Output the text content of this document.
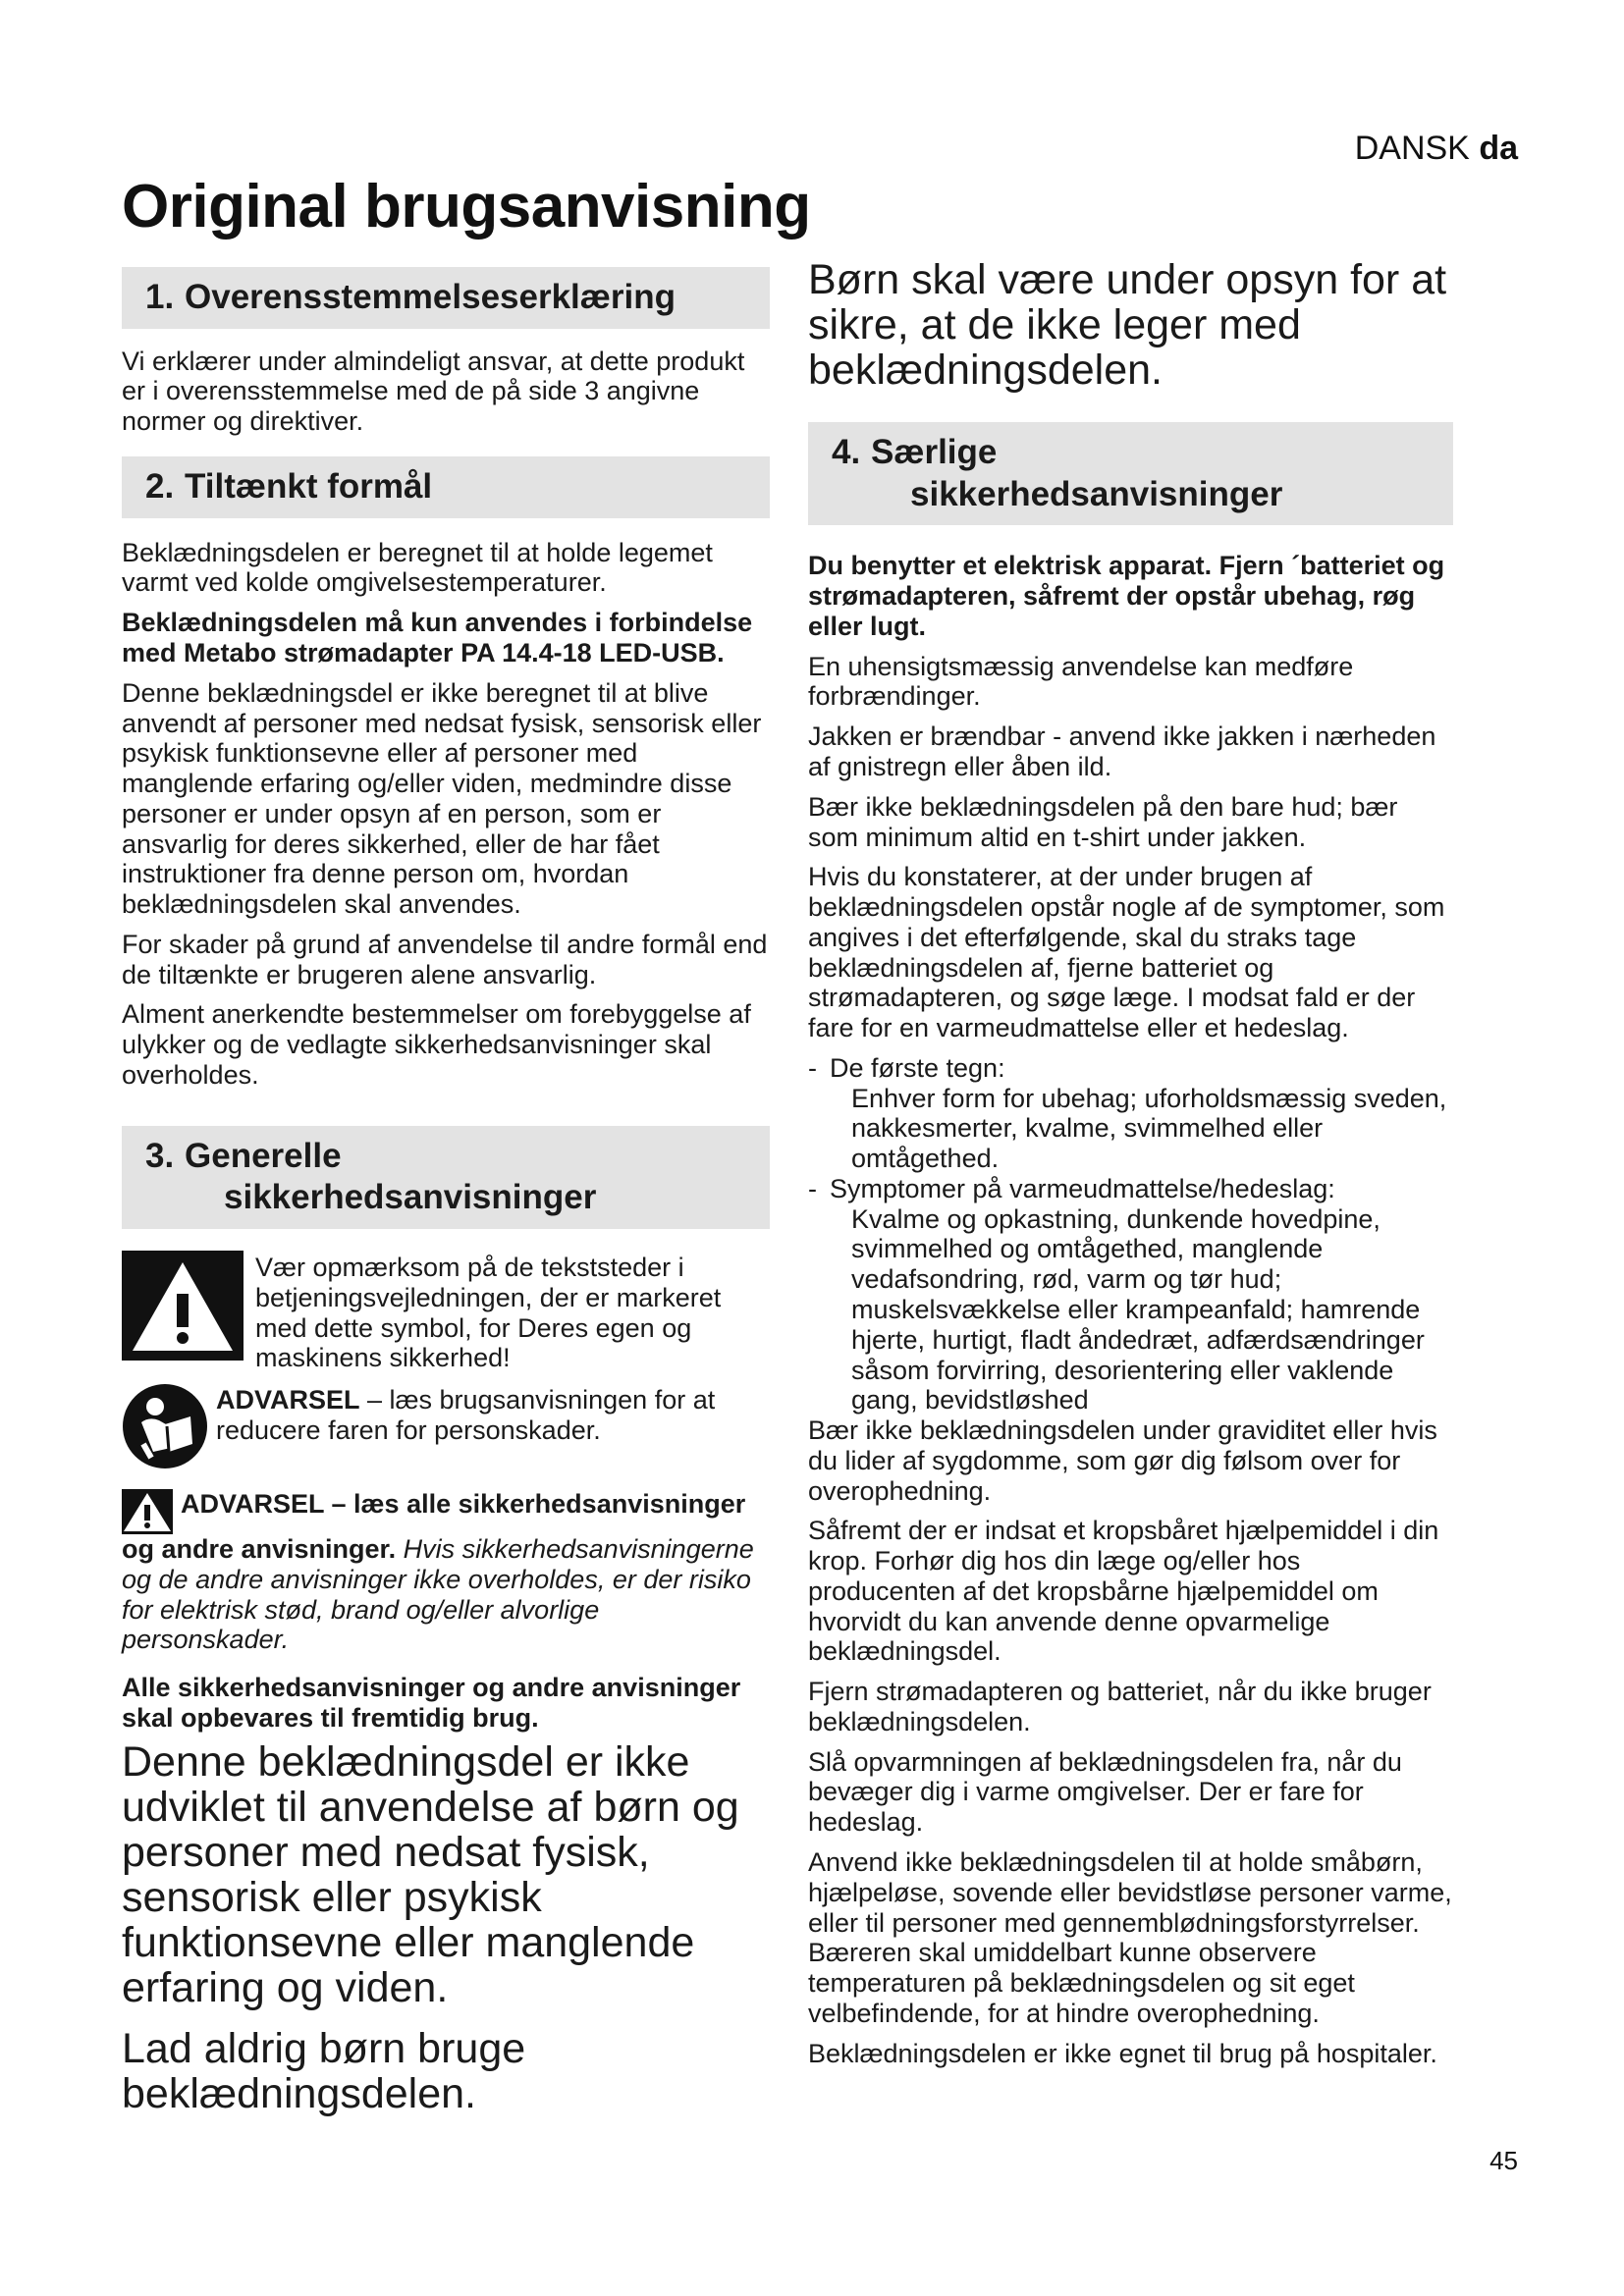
DANSK da
Original brugsanvisning
1. Overensstemmelseserklæring

Vi erklærer under almindeligt ansvar, at dette produkt er i overensstemmelse med de på side 3 angivne normer og direktiver.

2. Tiltænkt formål

Beklædningsdelen er beregnet til at holde legemet varmt ved kolde omgivelsestemperaturer.

Beklædningsdelen må kun anvendes i forbindelse med Metabo strømadapter PA 14.4-18 LED-USB.

Denne beklædningsdel er ikke beregnet til at blive anvendt af personer med nedsat fysisk, sensorisk eller psykisk funktionsevne eller af personer med manglende erfaring og/eller viden, medmindre disse personer er under opsyn af en person, som er ansvarlig for deres sikkerhed, eller de har fået instruktioner fra denne person om, hvordan beklædningsdelen skal anvendes.

For skader på grund af anvendelse til andre formål end de tiltænkte er brugeren alene ansvarlig.

Alment anerkendte bestemmelser om forebyggelse af ulykker og de vedlagte sikkerhedsanvisninger skal overholdes.

3. Generelle
sikkerhedsanvisninger

Vær opmærksom på de tekststeder i betjeningsvejledningen, der er markeret med dette symbol, for Deres egen og maskinens sikkerhed!

ADVARSEL – læs brugsanvisningen for at reducere faren for personskader.

ADVARSEL – læs alle sikkerhedsanvisninger og andre anvisninger. Hvis sikkerhedsanvisningerne og de andre anvisninger ikke overholdes, er der risiko for elektrisk stød, brand og/eller alvorlige personskader.

Alle sikkerhedsanvisninger og andre anvisninger skal opbevares til fremtidig brug.

Denne beklædningsdel er ikke udviklet til anvendelse af børn og personer med nedsat fysisk, sensorisk eller psykisk funktionsevne eller manglende erfaring og viden.

Lad aldrig børn bruge beklædningsdelen.

Børn skal være under opsyn for at sikre, at de ikke leger med beklædningsdelen.

4. Særlige
sikkerhedsanvisninger

Du benytter et elektrisk apparat. Fjern ´batteriet og strømadapteren, såfremt der opstår ubehag, røg eller lugt.

En uhensigtsmæssig anvendelse kan medføre forbrændinger.

Jakken er brændbar - anvend ikke jakken i nærheden af gnistregn eller åben ild.

Bær ikke beklædningsdelen på den bare hud; bær som minimum altid en t-shirt under jakken.

Hvis du konstaterer, at der under brugen af beklædningsdelen opstår nogle af de symptomer, som angives i det efterfølgende, skal du straks tage beklædningsdelen af, fjerne batteriet og strømadapteren, og søge læge. I modsat fald er der fare for en varmeudmattelse eller et hedeslag.

- De første tegn:
Enhver form for ubehag; uforholdsmæssig sveden, nakkesmerter, kvalme, svimmelhed eller omtågethed.
- Symptomer på varmeudmattelse/hedeslag:
Kvalme og opkastning, dunkende hovedpine, svimmelhed og omtågethed, manglende vedafsondring, rød, varm og tør hud; muskelsvækkelse eller krampeanfald; hamrende hjerte, hurtigt, fladt åndedræt, adfærdsændringer såsom forvirring, desorientering eller vaklende gang, bevidstløshed

Bær ikke beklædningsdelen under graviditet eller hvis du lider af sygdomme, som gør dig følsom over for overophedning.

Såfremt der er indsat et kropsbåret hjælpemiddel i din krop. Forhør dig hos din læge og/eller hos producenten af det kropsbårne hjælpemiddel om hvorvidt du kan anvende denne opvarmelige beklædningsdel.

Fjern strømadapteren og batteriet, når du ikke bruger beklædningsdelen.

Slå opvarmningen af beklædningsdelen fra, når du bevæger dig i varme omgivelser. Der er fare for hedeslag.

Anvend ikke beklædningsdelen til at holde småbørn, hjælpeløse, sovende eller bevidstløse personer varme, eller til personer med gennemblødningsforstyrrelser. Bæreren skal umiddelbart kunne observere temperaturen på beklædningsdelen og sit eget velbefindende, for at hindre overophedning.

Beklædningsdelen er ikke egnet til brug på hospitaler.

45
